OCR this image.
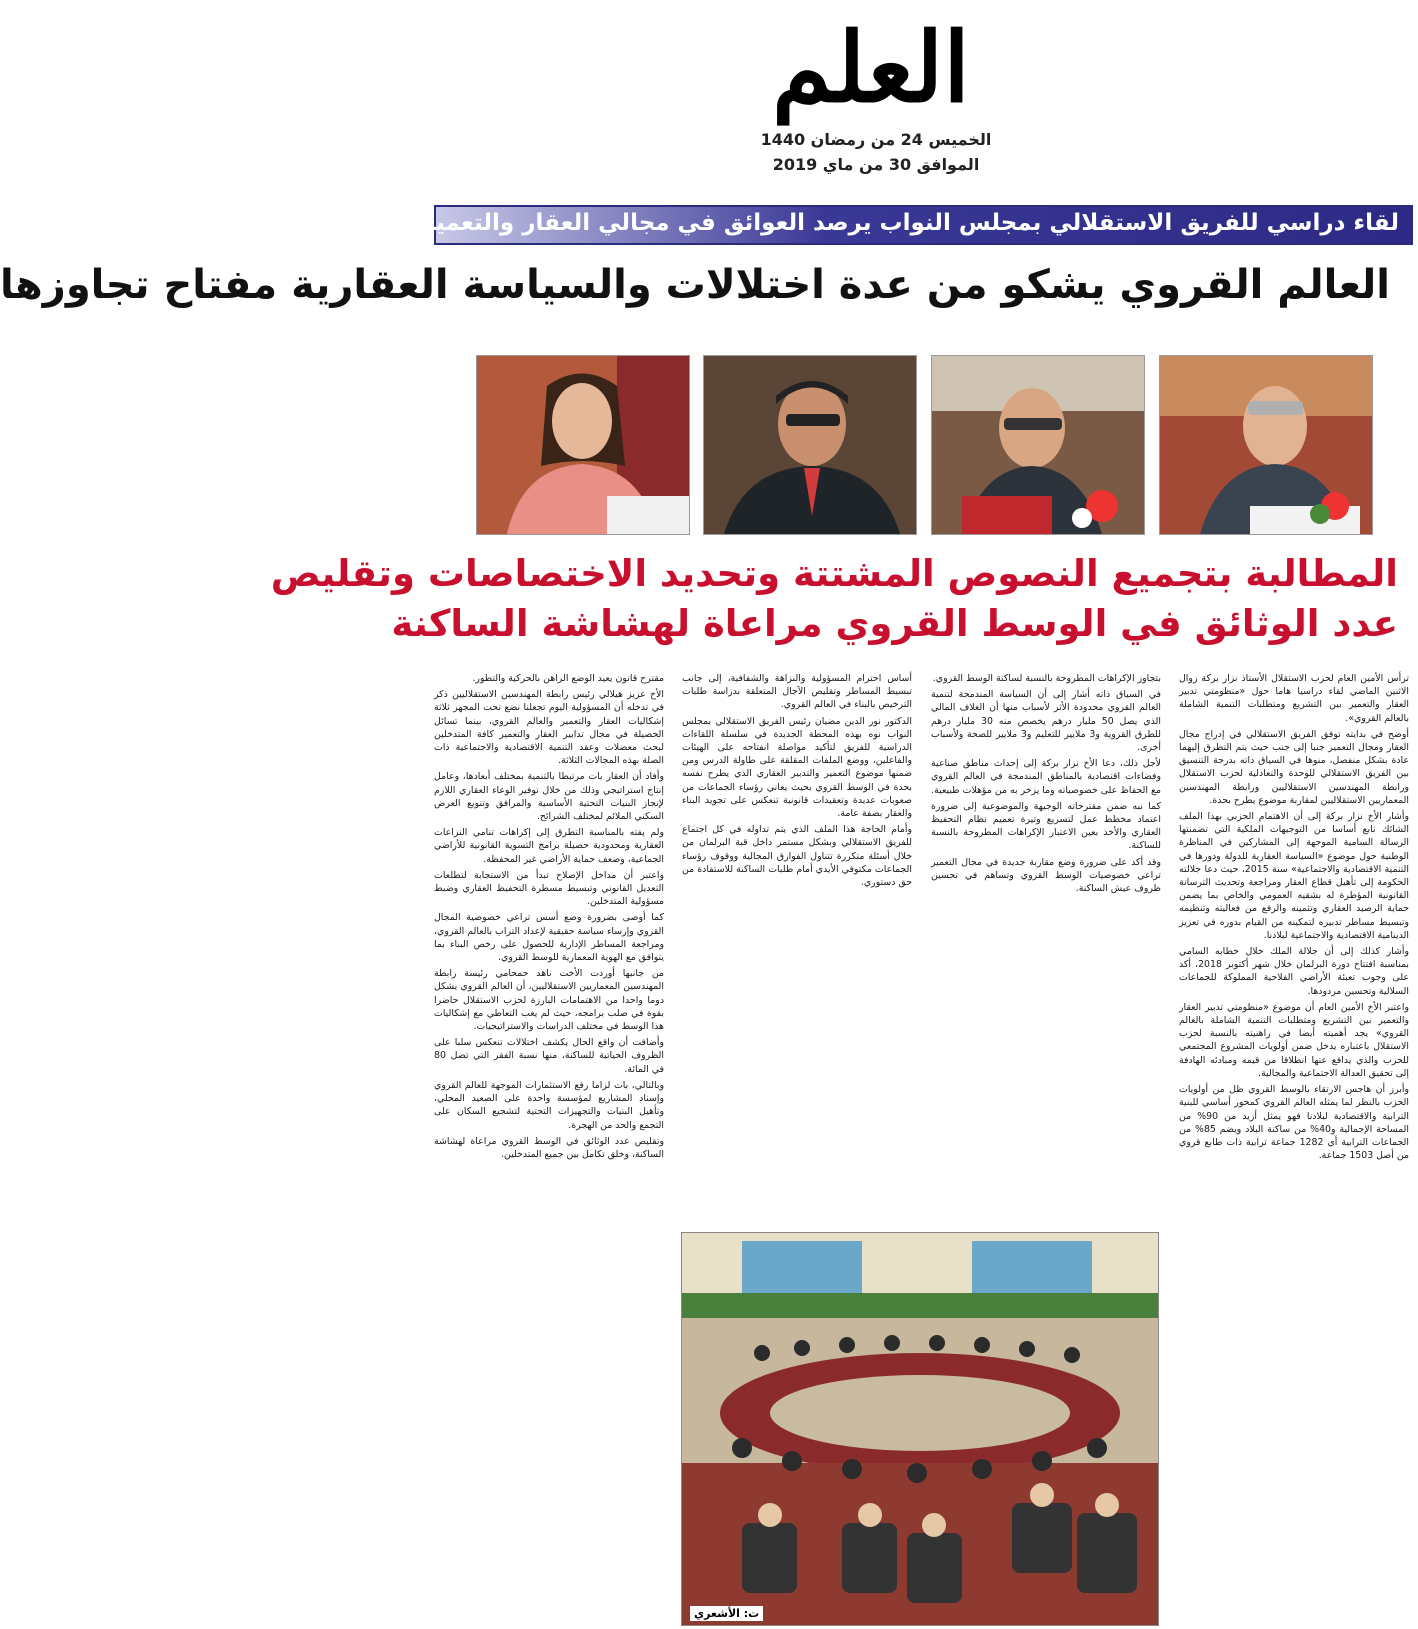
العلم
الخميس 24 من رمضان 1440
الموافق 30 من ماي 2019
لقاء دراسي للفريق الاستقلالي بمجلس النواب يرصد العوائق في مجالي العقار والتعمير
العالم القروي يشكو من عدة اختلالات والسياسة العقارية مفتاح تجاوزها
المطالبة بتجميع النصوص المشتتة وتحديد الاختصاصات وتقليص
عدد الوثائق في الوسط القروي مراعاة لهشاشة الساكنة

ترأس الأمين العام لحزب الاستقلال الأستاذ نزار بركة زوال الاثنين الماضي لقاء دراسيا هاما حول «منظومتي تدبير العقار والتعمير بين التشريع ومتطلبات التنمية الشاملة بالعالم القروي».

أوضح في بدايته توفق الفريق الاستقلالي في إدراج مجال العقار ومجال التعمير جنبا إلى جنب حيث يتم التطرق إليهما عادة بشكل منفصل، منوها في السياق ذاته بدرجة التنسيق بين الفريق الاستقلالي للوحدة والتعادلية لحزب الاستقلال ورابطة المهندسين الاستقلاليين ورابطة المهندسين المعماريين الاستقلاليين لمقاربة موضوع يطرح بحدة.

وأشار الأخ نزار بركة إلى أن الاهتمام الحزبي بهذا الملف الشائك نابع أساسا من التوجيهات الملكية التي تضمنتها الرسالة السامية الموجهة إلى المشاركين في المناظرة الوطنية حول موضوع «السياسة العقارية للدولة ودورها في التنمية الاقتصادية والاجتماعية» سنة 2015، حيث دعا جلالته الحكومة إلى تأهيل قطاع العقار ومراجعة وتحديث الترسانة القانونية المؤطرة له بشقيه العمومي والخاص بما يضمن حماية الرصيد العقاري وتثمينه والرفع من فعاليته وتنظيمه وتبسيط مساطر تدبيره لتمكينه من القيام بدوره في تعزيز الدينامية الاقتصادية والاجتماعية لبلادنا.

وأشار كذلك إلى أن جلالة الملك خلال خطابه السامي بمناسبة افتتاح دورة البرلمان خلال شهر أكتوبر 2018، أكد على وجوب تعبئة الأراضي الفلاحية المملوكة للجماعات السلالية وتحسين مردودها.

واعتبر الأخ الأمين العام أن موضوع «منظومتي تدبير العقار والتعمير بين التشريع ومتطلبات التنمية الشاملة بالعالم القروي» يجد أهميته أيضا في راهنيته بالنسبة لحزب الاستقلال باعتباره يدخل ضمن أولويات المشروع المجتمعي للحزب والذي يدافع عنها انطلاقا من قيمه ومبادئه الهادفة إلى تحقيق العدالة الاجتماعية والمجالية.

وأبرز أن هاجس الارتقاء بالوسط القروي ظل من أولويات الحزب بالنظر لما يمثله العالم القروي كمحور أساسي للبنية الترابية والاقتصادية لبلادنا فهو يمثل أزيد من 90% من المساحة الإجمالية و40% من ساكنة البلاد ويضم 85% من الجماعات الترابية أي 1282 جماعة ترابية ذات طابع قروي من أصل 1503 جماعة.

بتجاوز الإكراهات المطروحة بالنسبة لساكنة الوسط القروي.

في السياق ذاته أشار إلى أن السياسة المندمجة لتنمية العالم القروي محدودة الأثر لأسباب منها أن الغلاف المالي الذي يصل 50 مليار درهم يخصص منه 30 مليار درهم للطرق القروية و3 ملايير للتعليم و3 ملايير للصحة ولأسباب أخرى.

لأجل ذلك، دعا الأخ نزار بركة إلى إحداث مناطق صناعية وفضاءات اقتصادية بالمناطق المندمجة في العالم القروي مع الحفاظ على خصوصياته وما يزخر به من مؤهلات طبيعية.

كما نبه ضمن مقترحاته الوجيهة والموضوعية إلى ضرورة اعتماد مخطط عمل لتسريع وتيرة تعميم نظام التحفيظ العقاري والأخذ بعين الاعتبار الإكراهات المطروحة بالنسبة للساكنة.

وقد أكد على ضرورة وضع مقاربة جديدة في مجال التعمير تراعي خصوصيات الوسط القروي وتساهم في تحسين ظروف عيش الساكنة.

أساس احترام المسؤولية والنزاهة والشفافية، إلى جانب تبسيط المساطر وتقليص الآجال المتعلقة بدراسة طلبات الترخيص بالبناء في العالم القروي.

الدكتور نور الدين مضيان رئيس الفريق الاستقلالي بمجلس النواب نوه بهذه المحطة الجديدة في سلسلة اللقاءات الدراسية للفريق لتأكيد مواصلة انفتاحه على الهيئات والفاعلين، ووضع الملفات المقلقة على طاولة الدرس ومن ضمنها موضوع التعمير والتدبير العقاري الذي يطرح نفسه بحدة في الوسط القروي بحيث يعاني رؤساء الجماعات من صعوبات عديدة وتعقيدات قانونية تنعكس على تجويد البناء والعقار بصفة عامة.

وأمام الحاجة هذا الملف الذي يتم تداوله في كل اجتماع للفريق الاستقلالي وبشكل مستمر داخل قبة البرلمان من خلال أسئلة متكررة تتناول الفوارق المجالية ووقوف رؤساء الجماعات مكتوفي الأيدي أمام طلبات الساكنة للاستفادة من حق دستوري.

مقترح قانون يعيد الوضع الراهن بالحركية والتطور.

الأخ عزيز هيلالي رئيس رابطة المهندسين الاستقلاليين ذكر في تدخله أن المسؤولية اليوم تجعلنا نضع تحت المجهر ثلاثة إشكاليات العقار والتعمير والعالم القروي، بينما تسائل الحصيلة في مجال تدابير العقار والتعمير كافة المتدخلين لبحث معضلات وعقد التنمية الاقتصادية والاجتماعية ذات الصلة بهذه المجالات الثلاثة.

وأفاد أن العقار بات مرتبطا بالتنمية بمختلف أبعادها، وعامل إنتاج استراتيجي وذلك من خلال توفير الوعاء العقاري اللازم لإنجاز البنيات التحتية الأساسية والمرافق وتنويع العرض السكني الملائم لمختلف الشرائح.

ولم يفته بالمناسبة التطرق إلى إكراهات تنامي النزاعات العقارية ومحدودية حصيلة برامج التسوية القانونية للأراضي الجماعية، وضعف حماية الأراضي غير المحفظة.

واعتبر أن مداخل الإصلاح تبدأ من الاستجابة لتطلعات التعديل القانوني وتبسيط مسطرة التحفيظ العقاري وضبط مسؤولية المتدخلين.

كما أوصى بضرورة وضع أسس تراعي خصوصية المجال القروي وإرساء سياسة حقيقية لإعداد التراب بالعالم القروي، ومراجعة المساطر الإدارية للحصول على رخص البناء بما يتوافق مع الهوية المعمارية للوسط القروي.

من جانبها أوردت الأخت ناهد حمحامي رئيسة رابطة المهندسين المعماريين الاستقلاليين، أن العالم القروي يشكل دوما واحدا من الاهتمامات البارزة لحزب الاستقلال حاضرا بقوة في صلب برامجه، حيث لم يغب التعاطي مع إشكاليات هذا الوسط في مختلف الدراسات والاستراتيجيات.

وأضافت أن واقع الحال يكشف اختلالات تنعكس سلبا على الظروف الحياتية للساكنة، منها نسبة الفقر التي تصل 80 في المائة.

وبالتالي، بات لزاما رفع الاستثمارات الموجهة للعالم القروي وإسناد المشاريع لمؤسسة واحدة على الصعيد المحلي، وتأهيل البنيات والتجهيزات التحتية لتشجيع السكان على التجمع والحد من الهجرة.

وتقليص عدد الوثائق في الوسط القروي مراعاة لهشاشة الساكنة، وخلق تكامل بين جميع المتدخلين.

ت: الأشعري
